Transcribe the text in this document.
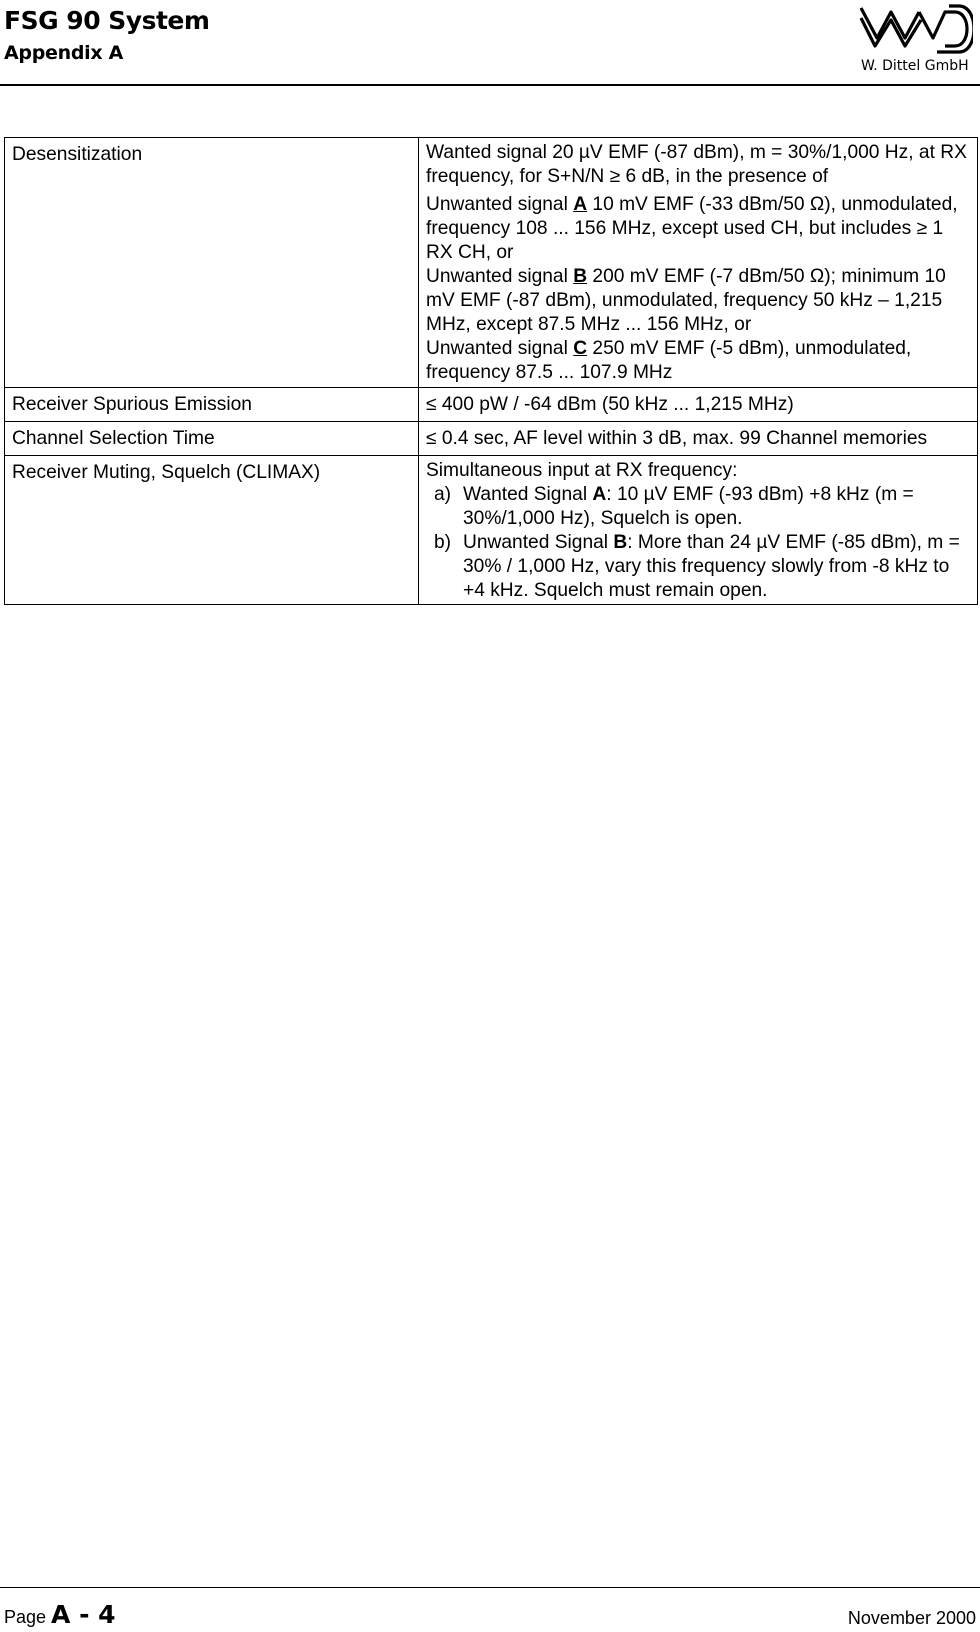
FSG 90 System
Appendix A
W. Dittel GmbH
Desensitization	Wanted signal 20 µV EMF (-87 dBm), m = 30%/1,000 Hz, at RX frequency, for S+N/N ≥ 6 dB, in the presence of

Unwanted signal A 10 mV EMF (-33 dBm/50 Ω), unmodulated, frequency 108 ... 156 MHz, except used CH, but includes ≥ 1 RX CH, or

Unwanted signal B 200 mV EMF (-7 dBm/50 Ω); minimum 10 mV EMF (-87 dBm), unmodulated, frequency 50 kHz – 1,215 MHz, except 87.5 MHz ... 156 MHz, or

Unwanted signal C 250 mV EMF (-5 dBm), unmodulated, frequency 87.5 ... 107.9 MHz

Receiver Spurious Emission	≤ 400 pW / -64 dBm (50 kHz ... 1,215 MHz)
Channel Selection Time	≤ 0.4 sec, AF level within 3 dB, max. 99 Channel memories
Receiver Muting, Squelch (CLIMAX)	Simultaneous input at RX frequency:

a) Wanted Signal A: 10 µV EMF (-93 dBm) +8 kHz (m = 30%/1,000 Hz), Squelch is open.
b) Unwanted Signal B: More than 24 µV EMF (-85 dBm), m = 30% / 1,000 Hz, vary this frequency slowly from -8 kHz to +4 kHz. Squelch must remain open.
Page A - 4	November 2000
